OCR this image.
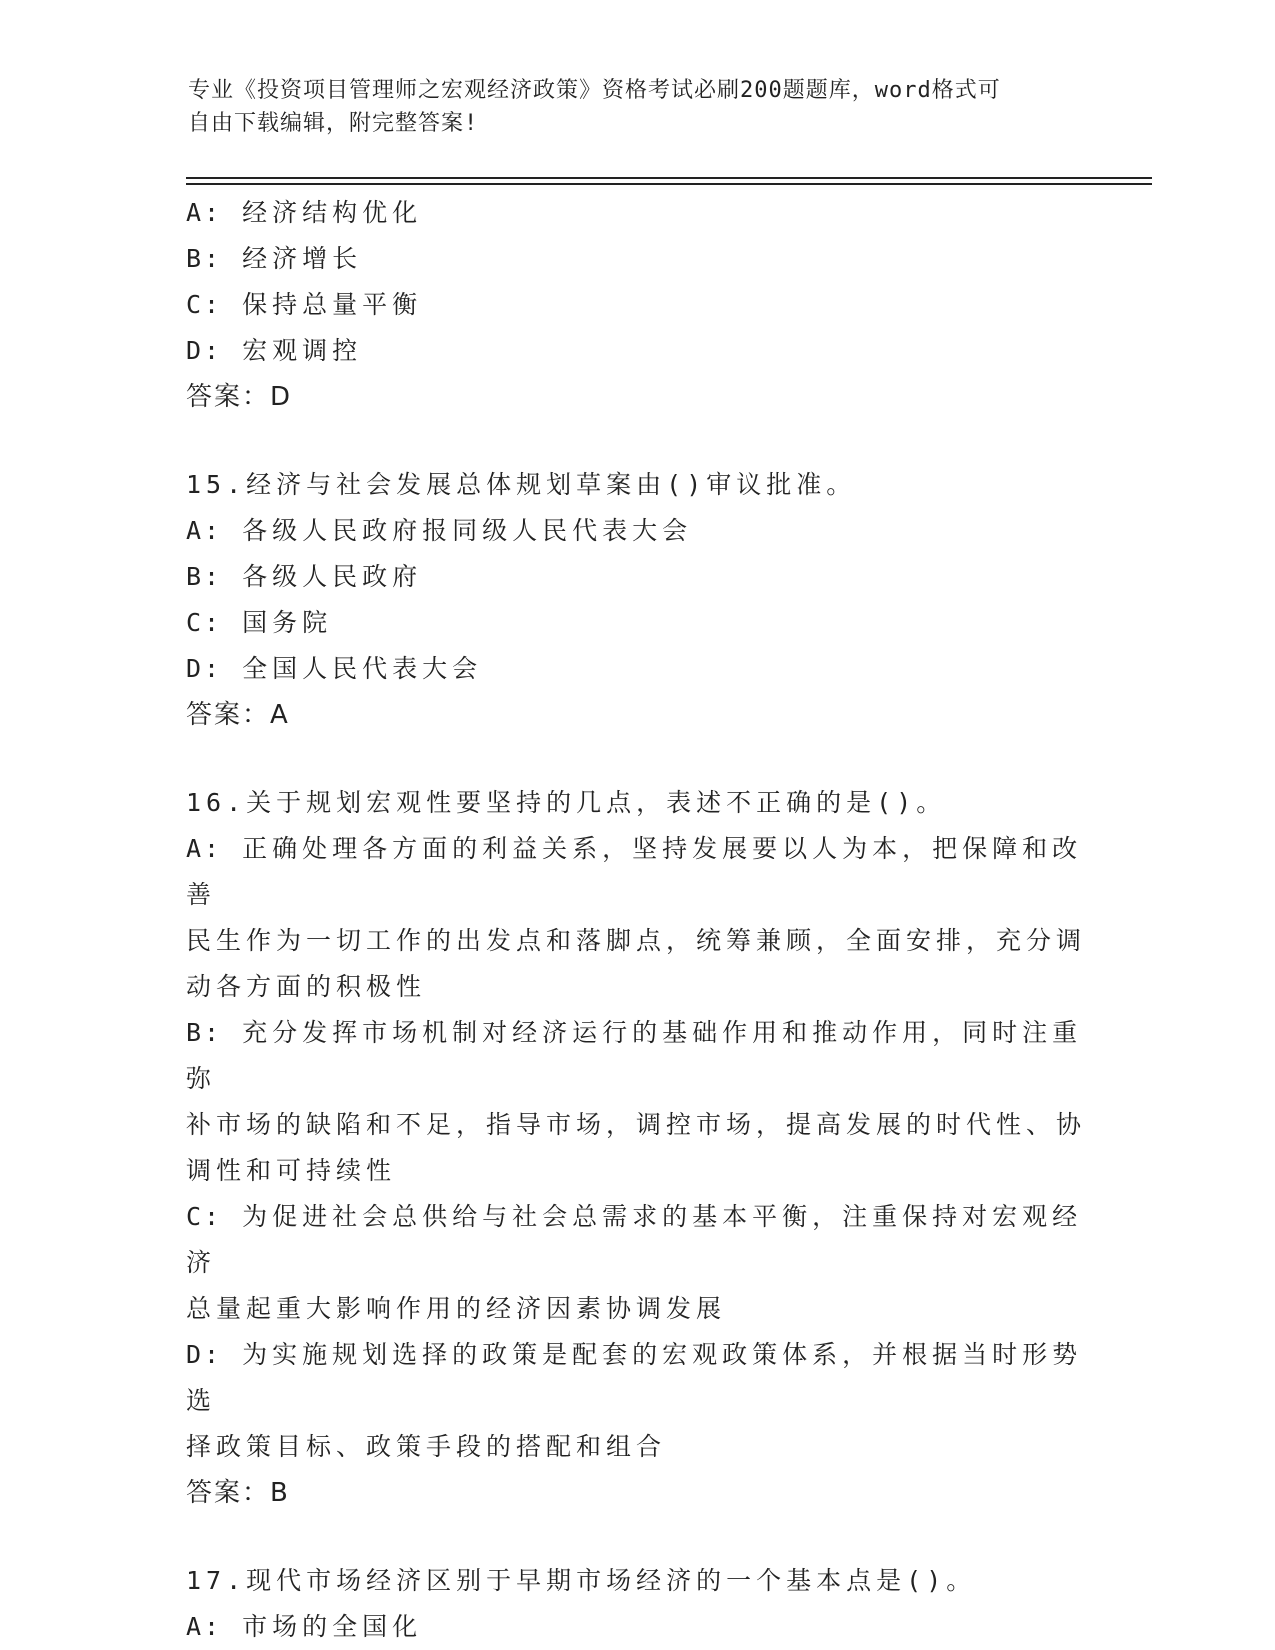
专业《投资项目管理师之宏观经济政策》资格考试必刷200题题库，word格式可
自由下载编辑，附完整答案!

A: 经济结构优化

B: 经济增长

C: 保持总量平衡

D: 宏观调控

答案：D

15.经济与社会发展总体规划草案由()审议批准。

A: 各级人民政府报同级人民代表大会

B: 各级人民政府

C: 国务院

D: 全国人民代表大会

答案：A

16.关于规划宏观性要坚持的几点，表述不正确的是()。

A: 正确处理各方面的利益关系，坚持发展要以人为本，把保障和改善

民生作为一切工作的出发点和落脚点，统筹兼顾，全面安排，充分调

动各方面的积极性

B: 充分发挥市场机制对经济运行的基础作用和推动作用，同时注重弥

补市场的缺陷和不足，指导市场，调控市场，提高发展的时代性、协

调性和可持续性

C: 为促进社会总供给与社会总需求的基本平衡，注重保持对宏观经济

总量起重大影响作用的经济因素协调发展

D: 为实施规划选择的政策是配套的宏观政策体系，并根据当时形势选

择政策目标、政策手段的搭配和组合

答案：B

17.现代市场经济区别于早期市场经济的一个基本点是()。

A: 市场的全国化
